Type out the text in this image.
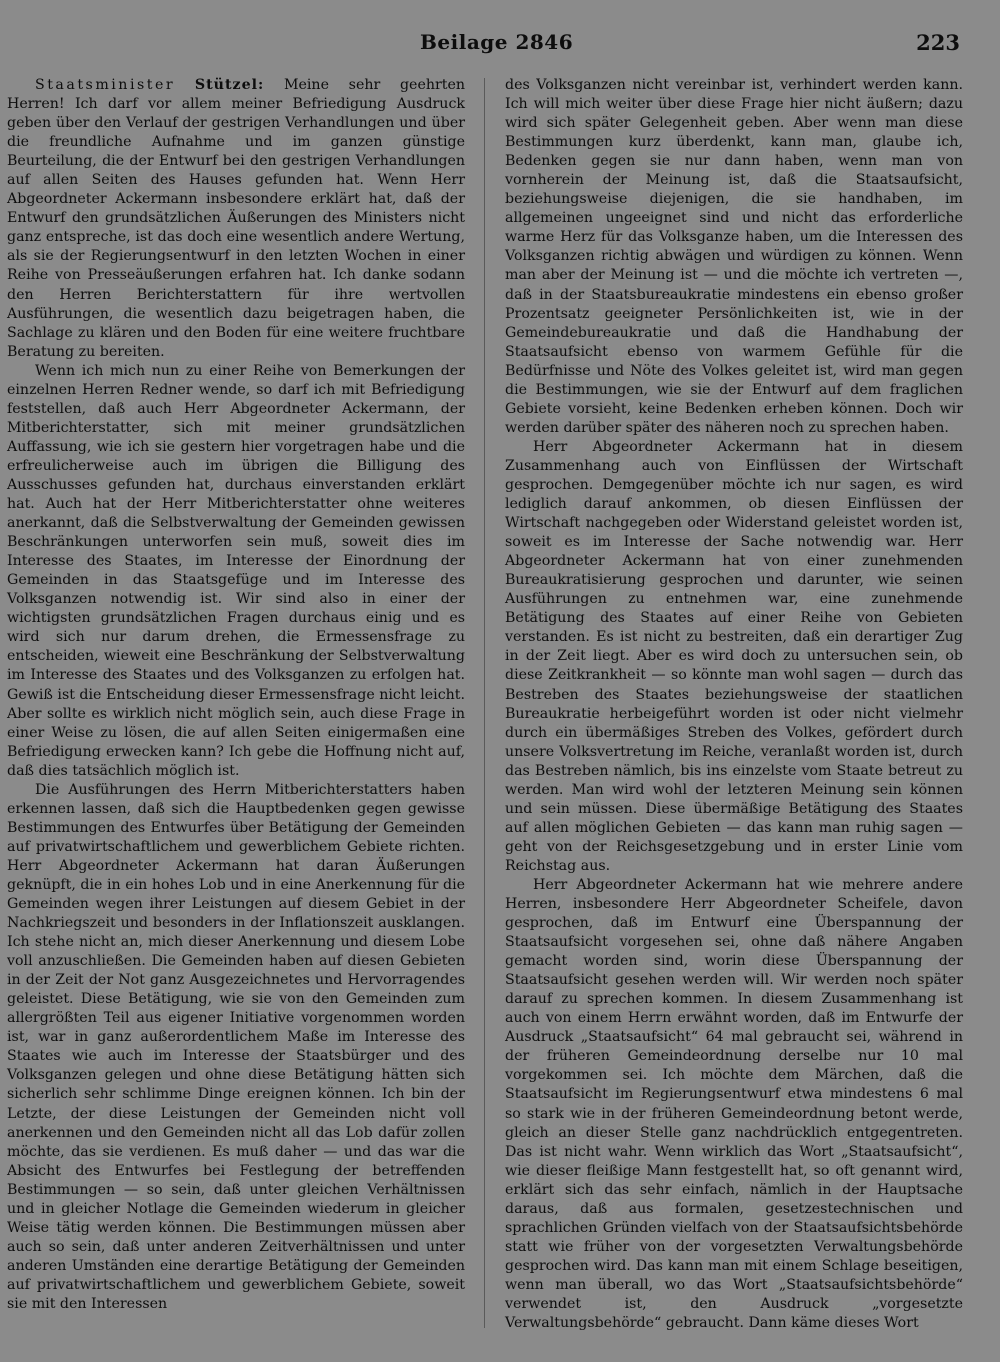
Beilage 2846	223

Staatsminister Stützel: Meine sehr geehrten Herren! Ich darf vor allem meiner Befriedigung Ausdruck geben über den Verlauf der gestrigen Verhandlungen und über die freundliche Aufnahme und im ganzen günstige Beurteilung, die der Entwurf bei den gestrigen Verhandlungen auf allen Seiten des Hauses gefunden hat. Wenn Herr Abgeordneter Ackermann insbesondere erklärt hat, daß der Entwurf den grundsätzlichen Äußerungen des Ministers nicht ganz entspreche, ist das doch eine wesentlich andere Wertung, als sie der Regierungsentwurf in den letzten Wochen in einer Reihe von Presseäußerungen erfahren hat. Ich danke sodann den Herren Berichterstattern für ihre wertvollen Ausführungen, die wesentlich dazu beigetragen haben, die Sachlage zu klären und den Boden für eine weitere fruchtbare Beratung zu bereiten.

Wenn ich mich nun zu einer Reihe von Bemerkungen der einzelnen Herren Redner wende, so darf ich mit Befriedigung feststellen, daß auch Herr Abgeordneter Ackermann, der Mitberichterstatter, sich mit meiner grundsätzlichen Auffassung, wie ich sie gestern hier vorgetragen habe und die erfreulicherweise auch im übrigen die Billigung des Ausschusses gefunden hat, durchaus einverstanden erklärt hat. Auch hat der Herr Mitberichterstatter ohne weiteres anerkannt, daß die Selbstverwaltung der Gemeinden gewissen Beschränkungen unterworfen sein muß, soweit dies im Interesse des Staates, im Interesse der Einordnung der Gemeinden in das Staatsgefüge und im Interesse des Volksganzen notwendig ist. Wir sind also in einer der wichtigsten grundsätzlichen Fragen durchaus einig und es wird sich nur darum drehen, die Ermessensfrage zu entscheiden, wieweit eine Beschränkung der Selbstverwaltung im Interesse des Staates und des Volksganzen zu erfolgen hat. Gewiß ist die Entscheidung dieser Ermessensfrage nicht leicht. Aber sollte es wirklich nicht möglich sein, auch diese Frage in einer Weise zu lösen, die auf allen Seiten einigermaßen eine Befriedigung erwecken kann? Ich gebe die Hoffnung nicht auf, daß dies tatsächlich möglich ist.

Die Ausführungen des Herrn Mitberichterstatters haben erkennen lassen, daß sich die Hauptbedenken gegen gewisse Bestimmungen des Entwurfes über Betätigung der Gemeinden auf privatwirtschaftlichem und gewerblichem Gebiete richten. Herr Abgeordneter Ackermann hat daran Äußerungen geknüpft, die in ein hohes Lob und in eine Anerkennung für die Gemeinden wegen ihrer Leistungen auf diesem Gebiet in der Nachkriegszeit und besonders in der Inflationszeit ausklangen. Ich stehe nicht an, mich dieser Anerkennung und diesem Lobe voll anzuschließen. Die Gemeinden haben auf diesen Gebieten in der Zeit der Not ganz Ausgezeichnetes und Hervorragendes geleistet. Diese Betätigung, wie sie von den Gemeinden zum allergrößten Teil aus eigener Initiative vorgenommen worden ist, war in ganz außerordentlichem Maße im Interesse des Staates wie auch im Interesse der Staatsbürger und des Volksganzen gelegen und ohne diese Betätigung hätten sich sicherlich sehr schlimme Dinge ereignen können. Ich bin der Letzte, der diese Leistungen der Gemeinden nicht voll anerkennen und den Gemeinden nicht all das Lob dafür zollen möchte, das sie verdienen. Es muß daher — und das war die Absicht des Entwurfes bei Festlegung der betreffenden Bestimmungen — so sein, daß unter gleichen Verhältnissen und in gleicher Notlage die Gemeinden wiederum in gleicher Weise tätig werden können. Die Bestimmungen müssen aber auch so sein, daß unter anderen Zeitverhältnissen und unter anderen Umständen eine derartige Betätigung der Gemeinden auf privatwirtschaftlichem und gewerblichem Gebiete, soweit sie mit den Interessen

des Volksganzen nicht vereinbar ist, verhindert werden kann. Ich will mich weiter über diese Frage hier nicht äußern; dazu wird sich später Gelegenheit geben. Aber wenn man diese Bestimmungen kurz überdenkt, kann man, glaube ich, Bedenken gegen sie nur dann haben, wenn man von vornherein der Meinung ist, daß die Staatsaufsicht, beziehungsweise diejenigen, die sie handhaben, im allgemeinen ungeeignet sind und nicht das erforderliche warme Herz für das Volksganze haben, um die Interessen des Volksganzen richtig abwägen und würdigen zu können. Wenn man aber der Meinung ist — und die möchte ich vertreten —, daß in der Staatsbureaukratie mindestens ein ebenso großer Prozentsatz geeigneter Persönlichkeiten ist, wie in der Gemeindebureaukratie und daß die Handhabung der Staatsaufsicht ebenso von warmem Gefühle für die Bedürfnisse und Nöte des Volkes geleitet ist, wird man gegen die Bestimmungen, wie sie der Entwurf auf dem fraglichen Gebiete vorsieht, keine Bedenken erheben können. Doch wir werden darüber später des näheren noch zu sprechen haben.

Herr Abgeordneter Ackermann hat in diesem Zusammenhang auch von Einflüssen der Wirtschaft gesprochen. Demgegenüber möchte ich nur sagen, es wird lediglich darauf ankommen, ob diesen Einflüssen der Wirtschaft nachgegeben oder Widerstand geleistet worden ist, soweit es im Interesse der Sache notwendig war. Herr Abgeordneter Ackermann hat von einer zunehmenden Bureaukratisierung gesprochen und darunter, wie seinen Ausführungen zu entnehmen war, eine zunehmende Betätigung des Staates auf einer Reihe von Gebieten verstanden. Es ist nicht zu bestreiten, daß ein derartiger Zug in der Zeit liegt. Aber es wird doch zu untersuchen sein, ob diese Zeitkrankheit — so könnte man wohl sagen — durch das Bestreben des Staates beziehungsweise der staatlichen Bureaukratie herbeigeführt worden ist oder nicht vielmehr durch ein übermäßiges Streben des Volkes, gefördert durch unsere Volksvertretung im Reiche, veranlaßt worden ist, durch das Bestreben nämlich, bis ins einzelste vom Staate betreut zu werden. Man wird wohl der letzteren Meinung sein können und sein müssen. Diese übermäßige Betätigung des Staates auf allen möglichen Gebieten — das kann man ruhig sagen — geht von der Reichsgesetzgebung und in erster Linie vom Reichstag aus.

Herr Abgeordneter Ackermann hat wie mehrere andere Herren, insbesondere Herr Abgeordneter Scheifele, davon gesprochen, daß im Entwurf eine Überspannung der Staatsaufsicht vorgesehen sei, ohne daß nähere Angaben gemacht worden sind, worin diese Überspannung der Staatsaufsicht gesehen werden will. Wir werden noch später darauf zu sprechen kommen. In diesem Zusammenhang ist auch von einem Herrn erwähnt worden, daß im Entwurfe der Ausdruck „Staatsaufsicht“ 64 mal gebraucht sei, während in der früheren Gemeindeordnung derselbe nur 10 mal vorgekommen sei. Ich möchte dem Märchen, daß die Staatsaufsicht im Regierungsentwurf etwa mindestens 6 mal so stark wie in der früheren Gemeindeordnung betont werde, gleich an dieser Stelle ganz nachdrücklich entgegentreten. Das ist nicht wahr. Wenn wirklich das Wort „Staatsaufsicht“, wie dieser fleißige Mann festgestellt hat, so oft genannt wird, erklärt sich das sehr einfach, nämlich in der Hauptsache daraus, daß aus formalen, gesetzestechnischen und sprachlichen Gründen vielfach von der Staatsaufsichtsbehörde statt wie früher von der vorgesetzten Verwaltungsbehörde gesprochen wird. Das kann man mit einem Schlage beseitigen, wenn man überall, wo das Wort „Staatsaufsichtsbehörde“ verwendet ist, den Ausdruck „vorgesetzte Verwaltungsbehörde“ gebraucht. Dann käme dieses Wort
